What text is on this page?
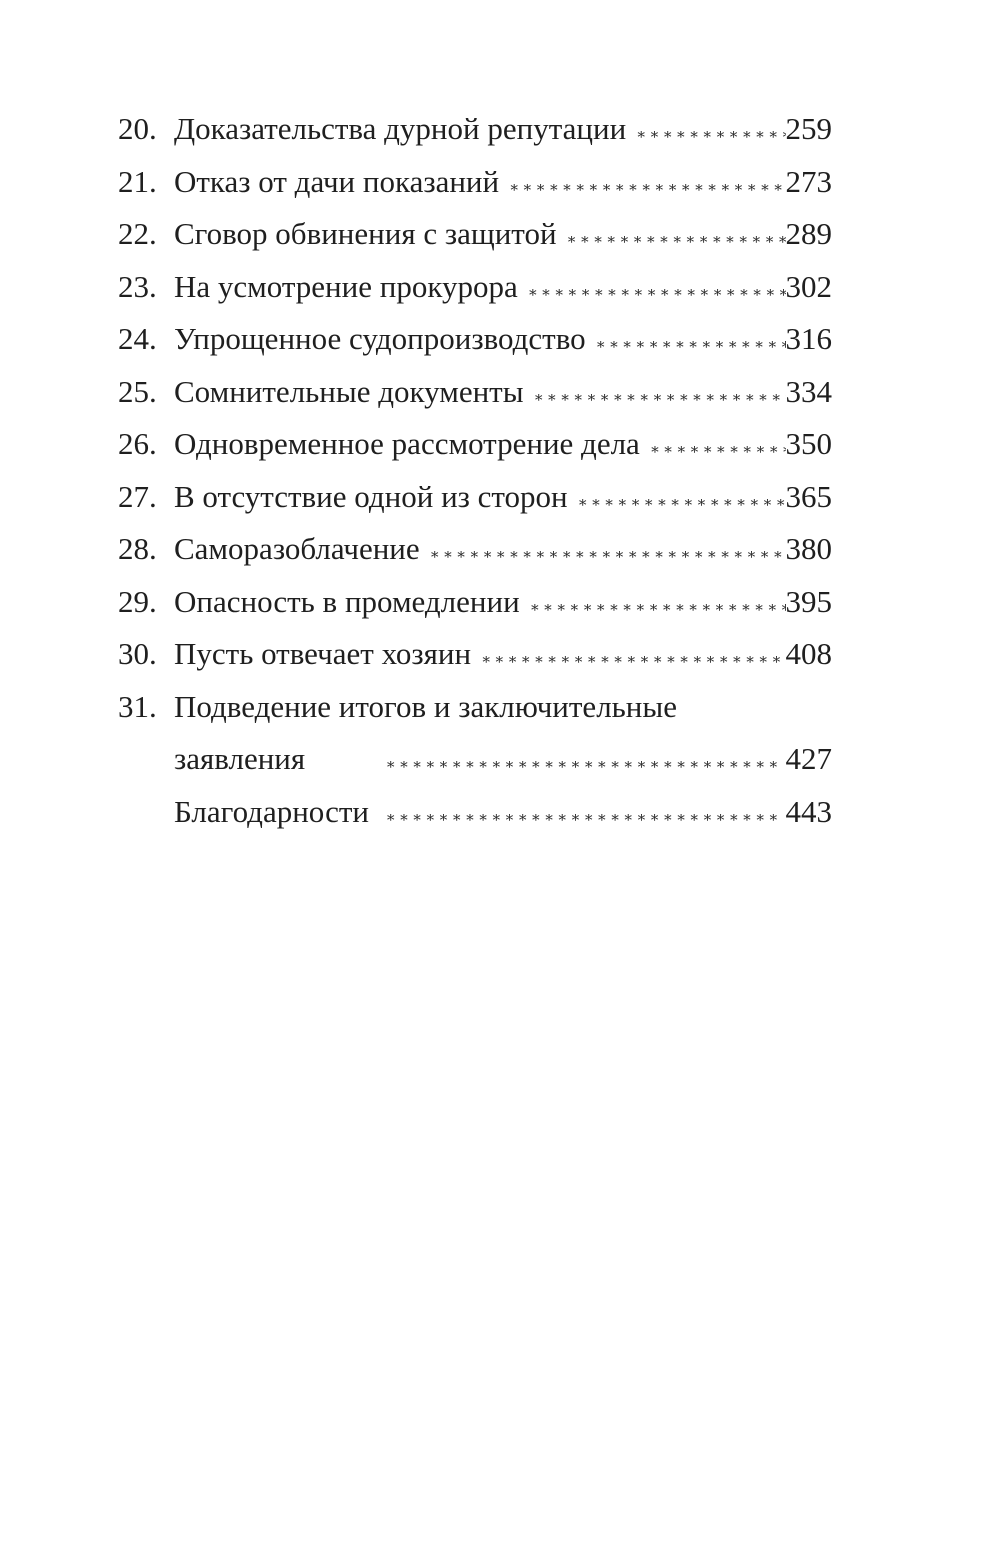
20. Доказательства дурной репутации ∗∗∗∗∗∗∗∗∗∗∗∗∗∗∗∗∗∗∗∗∗∗∗∗∗∗∗∗∗∗	259
21. Отказ от дачи показаний ∗∗∗∗∗∗∗∗∗∗∗∗∗∗∗∗∗∗∗∗∗∗∗∗∗∗∗∗∗∗	273
22. Сговор обвинения с защитой ∗∗∗∗∗∗∗∗∗∗∗∗∗∗∗∗∗∗∗∗∗∗∗∗∗∗∗∗∗∗	289
23. На усмотрение прокурора ∗∗∗∗∗∗∗∗∗∗∗∗∗∗∗∗∗∗∗∗∗∗∗∗∗∗∗∗∗∗	302
24. Упрощенное судопроизводство ∗∗∗∗∗∗∗∗∗∗∗∗∗∗∗∗∗∗∗∗∗∗∗∗∗∗∗∗∗∗	316
25. Сомнительные документы ∗∗∗∗∗∗∗∗∗∗∗∗∗∗∗∗∗∗∗∗∗∗∗∗∗∗∗∗∗∗	334
26. Одновременное рассмотрение дела ∗∗∗∗∗∗∗∗∗∗∗∗∗∗∗∗∗∗∗∗∗∗∗∗∗∗∗∗∗∗	350
27. В отсутствие одной из сторон ∗∗∗∗∗∗∗∗∗∗∗∗∗∗∗∗∗∗∗∗∗∗∗∗∗∗∗∗∗∗	365
28. Саморазоблачение ∗∗∗∗∗∗∗∗∗∗∗∗∗∗∗∗∗∗∗∗∗∗∗∗∗∗∗∗∗∗	380
29. Опасность в промедлении ∗∗∗∗∗∗∗∗∗∗∗∗∗∗∗∗∗∗∗∗∗∗∗∗∗∗∗∗∗∗	395
30. Пусть отвечает хозяин ∗∗∗∗∗∗∗∗∗∗∗∗∗∗∗∗∗∗∗∗∗∗∗∗∗∗∗∗∗∗	408
31. Подведение итогов и заключительные
заявления ∗∗∗∗∗∗∗∗∗∗∗∗∗∗∗∗∗∗∗∗∗∗∗∗∗∗∗∗∗∗	427
Благодарности ∗∗∗∗∗∗∗∗∗∗∗∗∗∗∗∗∗∗∗∗∗∗∗∗∗∗∗∗∗∗	443
